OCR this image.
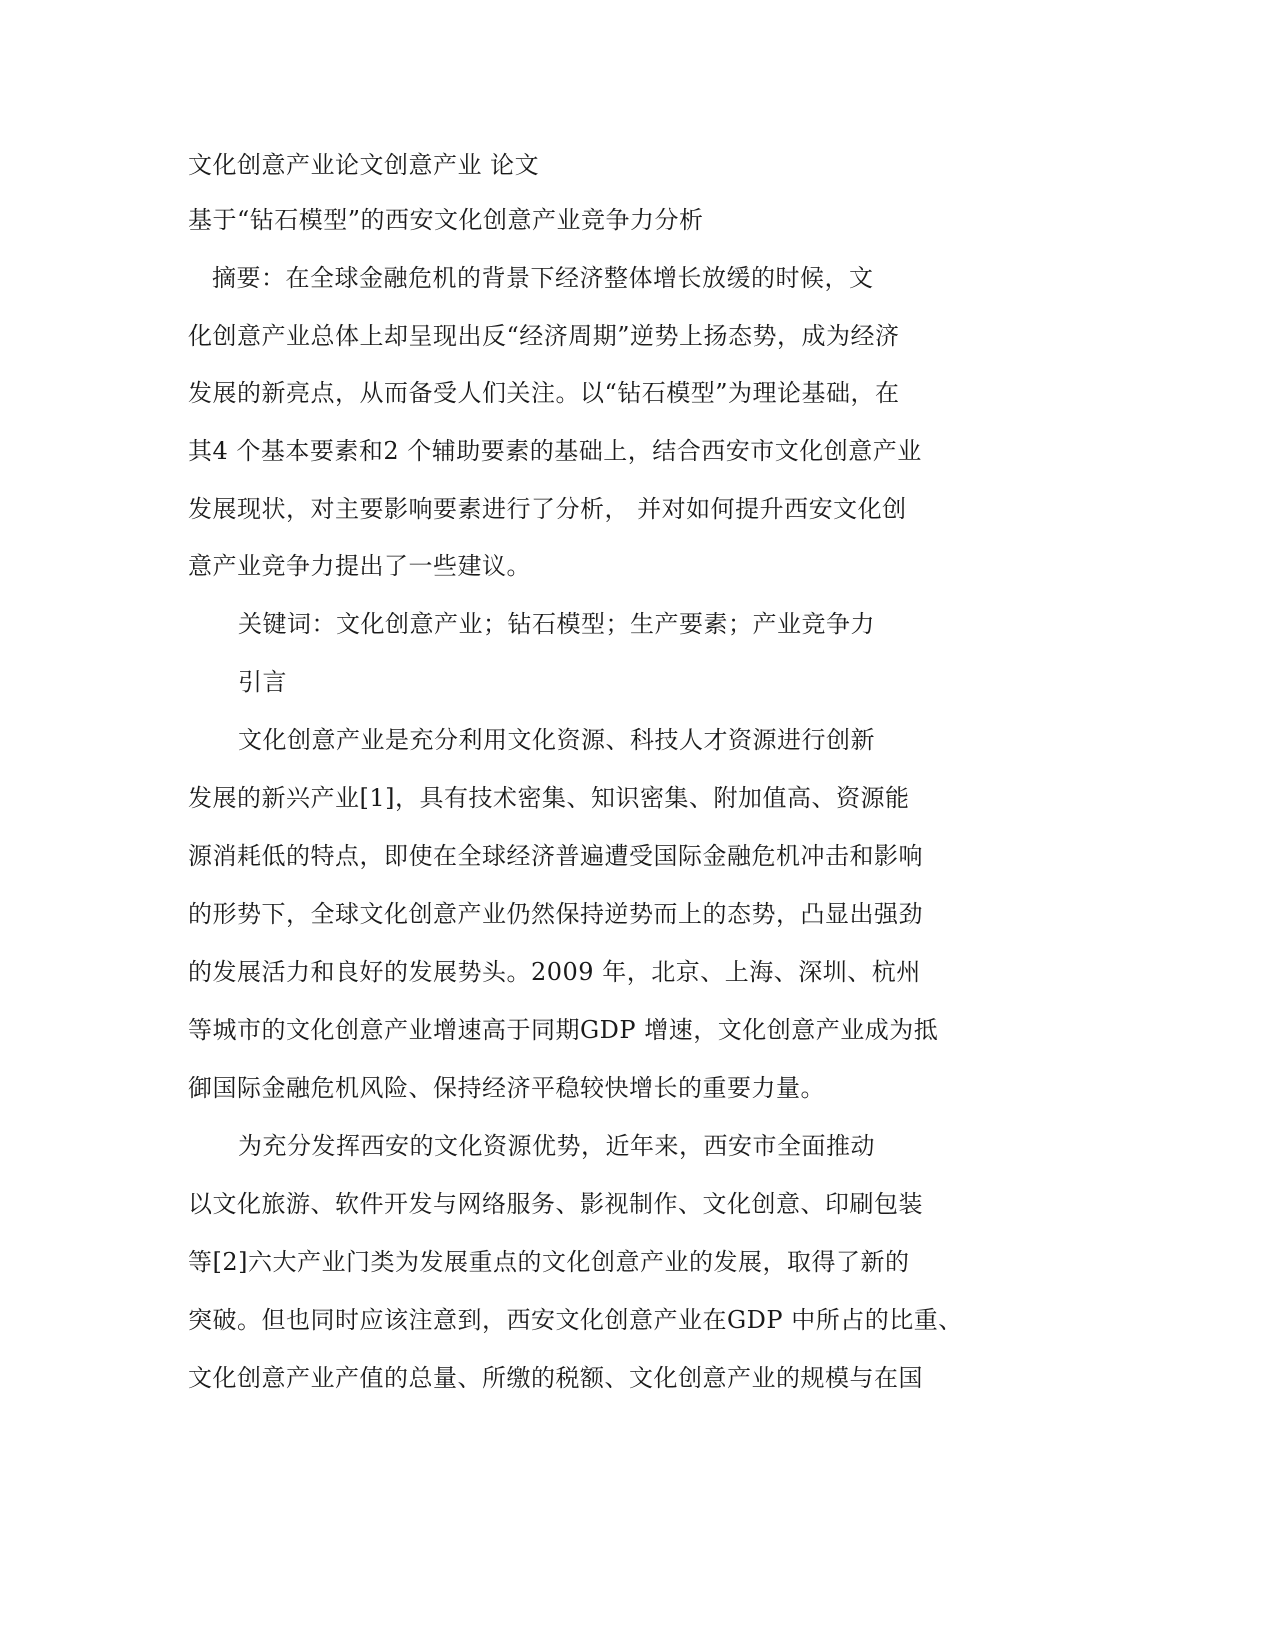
文化创意产业论文创意产业 论文
基于“钻石模型”的西安文化创意产业竞争力分析
摘要：在全球金融危机的背景下经济整体增长放缓的时候，文
化创意产业总体上却呈现出反“经济周期”逆势上扬态势，成为经济
发展的新亮点，从而备受人们关注。以“钻石模型”为理论基础，在
其4 个基本要素和2 个辅助要素的基础上，结合西安市文化创意产业
发展现状，对主要影响要素进行了分析， 并对如何提升西安文化创
意产业竞争力提出了一些建议。
关键词：文化创意产业；钻石模型；生产要素；产业竞争力
引言
文化创意产业是充分利用文化资源、科技人才资源进行创新
发展的新兴产业[1]，具有技术密集、知识密集、附加值高、资源能
源消耗低的特点，即使在全球经济普遍遭受国际金融危机冲击和影响
的形势下，全球文化创意产业仍然保持逆势而上的态势，凸显出强劲
的发展活力和良好的发展势头。2009 年，北京、上海、深圳、杭州
等城市的文化创意产业增速高于同期GDP 增速，文化创意产业成为抵
御国际金融危机风险、保持经济平稳较快增长的重要力量。
为充分发挥西安的文化资源优势，近年来，西安市全面推动
以文化旅游、软件开发与网络服务、影视制作、文化创意、印刷包装
等[2]六大产业门类为发展重点的文化创意产业的发展，取得了新的
突破。但也同时应该注意到，西安文化创意产业在GDP 中所占的比重、
文化创意产业产值的总量、所缴的税额、文化创意产业的规模与在国
